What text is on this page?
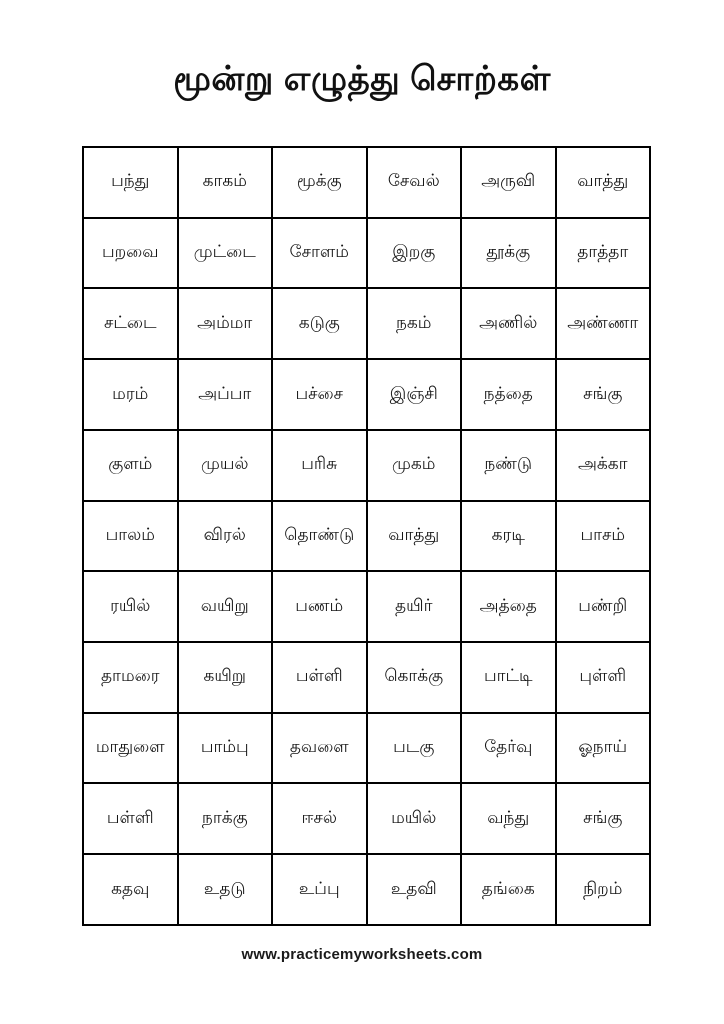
மூன்று எழுத்து சொற்கள்
பந்து	காகம்	மூக்கு	சேவல்	அருவி	வாத்து
பறவை	முட்டை	சோளம்	இறகு	தூக்கு	தாத்தா
சட்டை	அம்மா	கடுகு	நகம்	அணில்	அண்ணா
மரம்	அப்பா	பச்சை	இஞ்சி	நத்தை	சங்கு
குளம்	முயல்	பரிசு	முகம்	நண்டு	அக்கா
பாலம்	விரல்	தொண்டு	வாத்து	கரடி	பாசம்
ரயில்	வயிறு	பணம்	தயிர்	அத்தை	பண்றி
தாமரை	கயிறு	பள்ளி	கொக்கு	பாட்டி	புள்ளி
மாதுளை	பாம்பு	தவளை	படகு	தேர்வு	ஓநாய்
பள்ளி	நாக்கு	ஈசல்	மயில்	வந்து	சங்கு
கதவு	உதடு	உப்பு	உதவி	தங்கை	நிறம்
www.practicemyworksheets.com
